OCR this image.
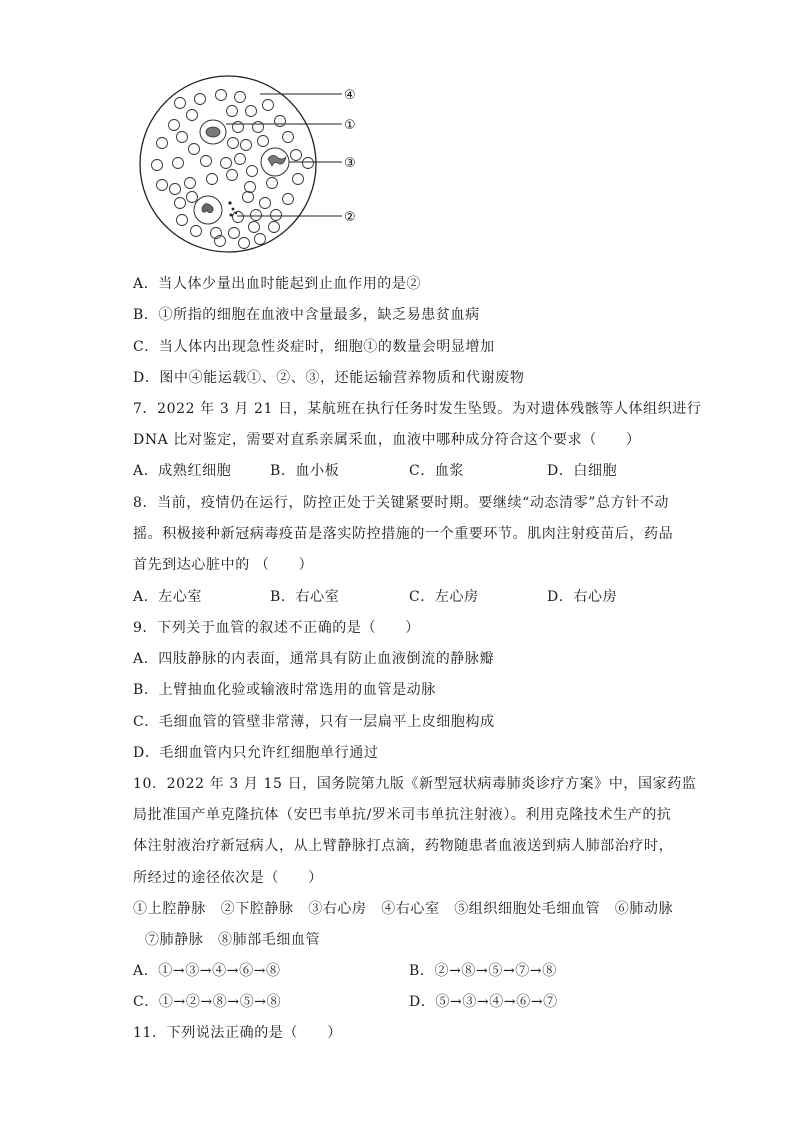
④
①
③
②
A．当人体少量出血时能起到止血作用的是②
B．①所指的细胞在血液中含量最多，缺乏易患贫血病
C．当人体内出现急性炎症时，细胞①的数量会明显增加
D．图中④能运载①、②、③，还能运输营养物质和代谢废物
7．2022 年 3 月 21 日，某航班在执行任务时发生坠毁。为对遗体残骸等人体组织进行
DNA 比对鉴定，需要对直系亲属采血，血液中哪种成分符合这个要求（　　）
A．成熟红细胞	B．血小板	C．血浆	D．白细胞
8．当前，疫情仍在运行，防控正处于关键紧要时期。要继续“动态清零”总方针不动
摇。积极接种新冠病毒疫苗是落实防控措施的一个重要环节。肌肉注射疫苗后，药品
首先到达心脏中的 （　　）
A．左心室	B．右心室	C．左心房	D．右心房
9．下列关于血管的叙述不正确的是（　　）
A．四肢静脉的内表面，通常具有防止血液倒流的静脉瓣
B．上臂抽血化验或输液时常选用的血管是动脉
C．毛细血管的管壁非常薄，只有一层扁平上皮细胞构成
D．毛细血管内只允许红细胞单行通过
10．2022 年 3 月 15 日，国务院第九版《新型冠状病毒肺炎诊疗方案》中，国家药监
局批准国产单克隆抗体（安巴韦单抗/罗米司韦单抗注射液）。利用克隆技术生产的抗
体注射液治疗新冠病人，从上臂静脉打点滴，药物随患者血液送到病人肺部治疗时，
所经过的途径依次是（　　）
①上腔静脉　②下腔静脉　③右心房　④右心室　⑤组织细胞处毛细血管　⑥肺动脉
⑦肺静脉　⑧肺部毛细血管
A．①→③→④→⑥→⑧	B．②→⑧→⑤→⑦→⑧
C．①→②→⑧→⑤→⑧	D．⑤→③→④→⑥→⑦
11．下列说法正确的是（　　）
